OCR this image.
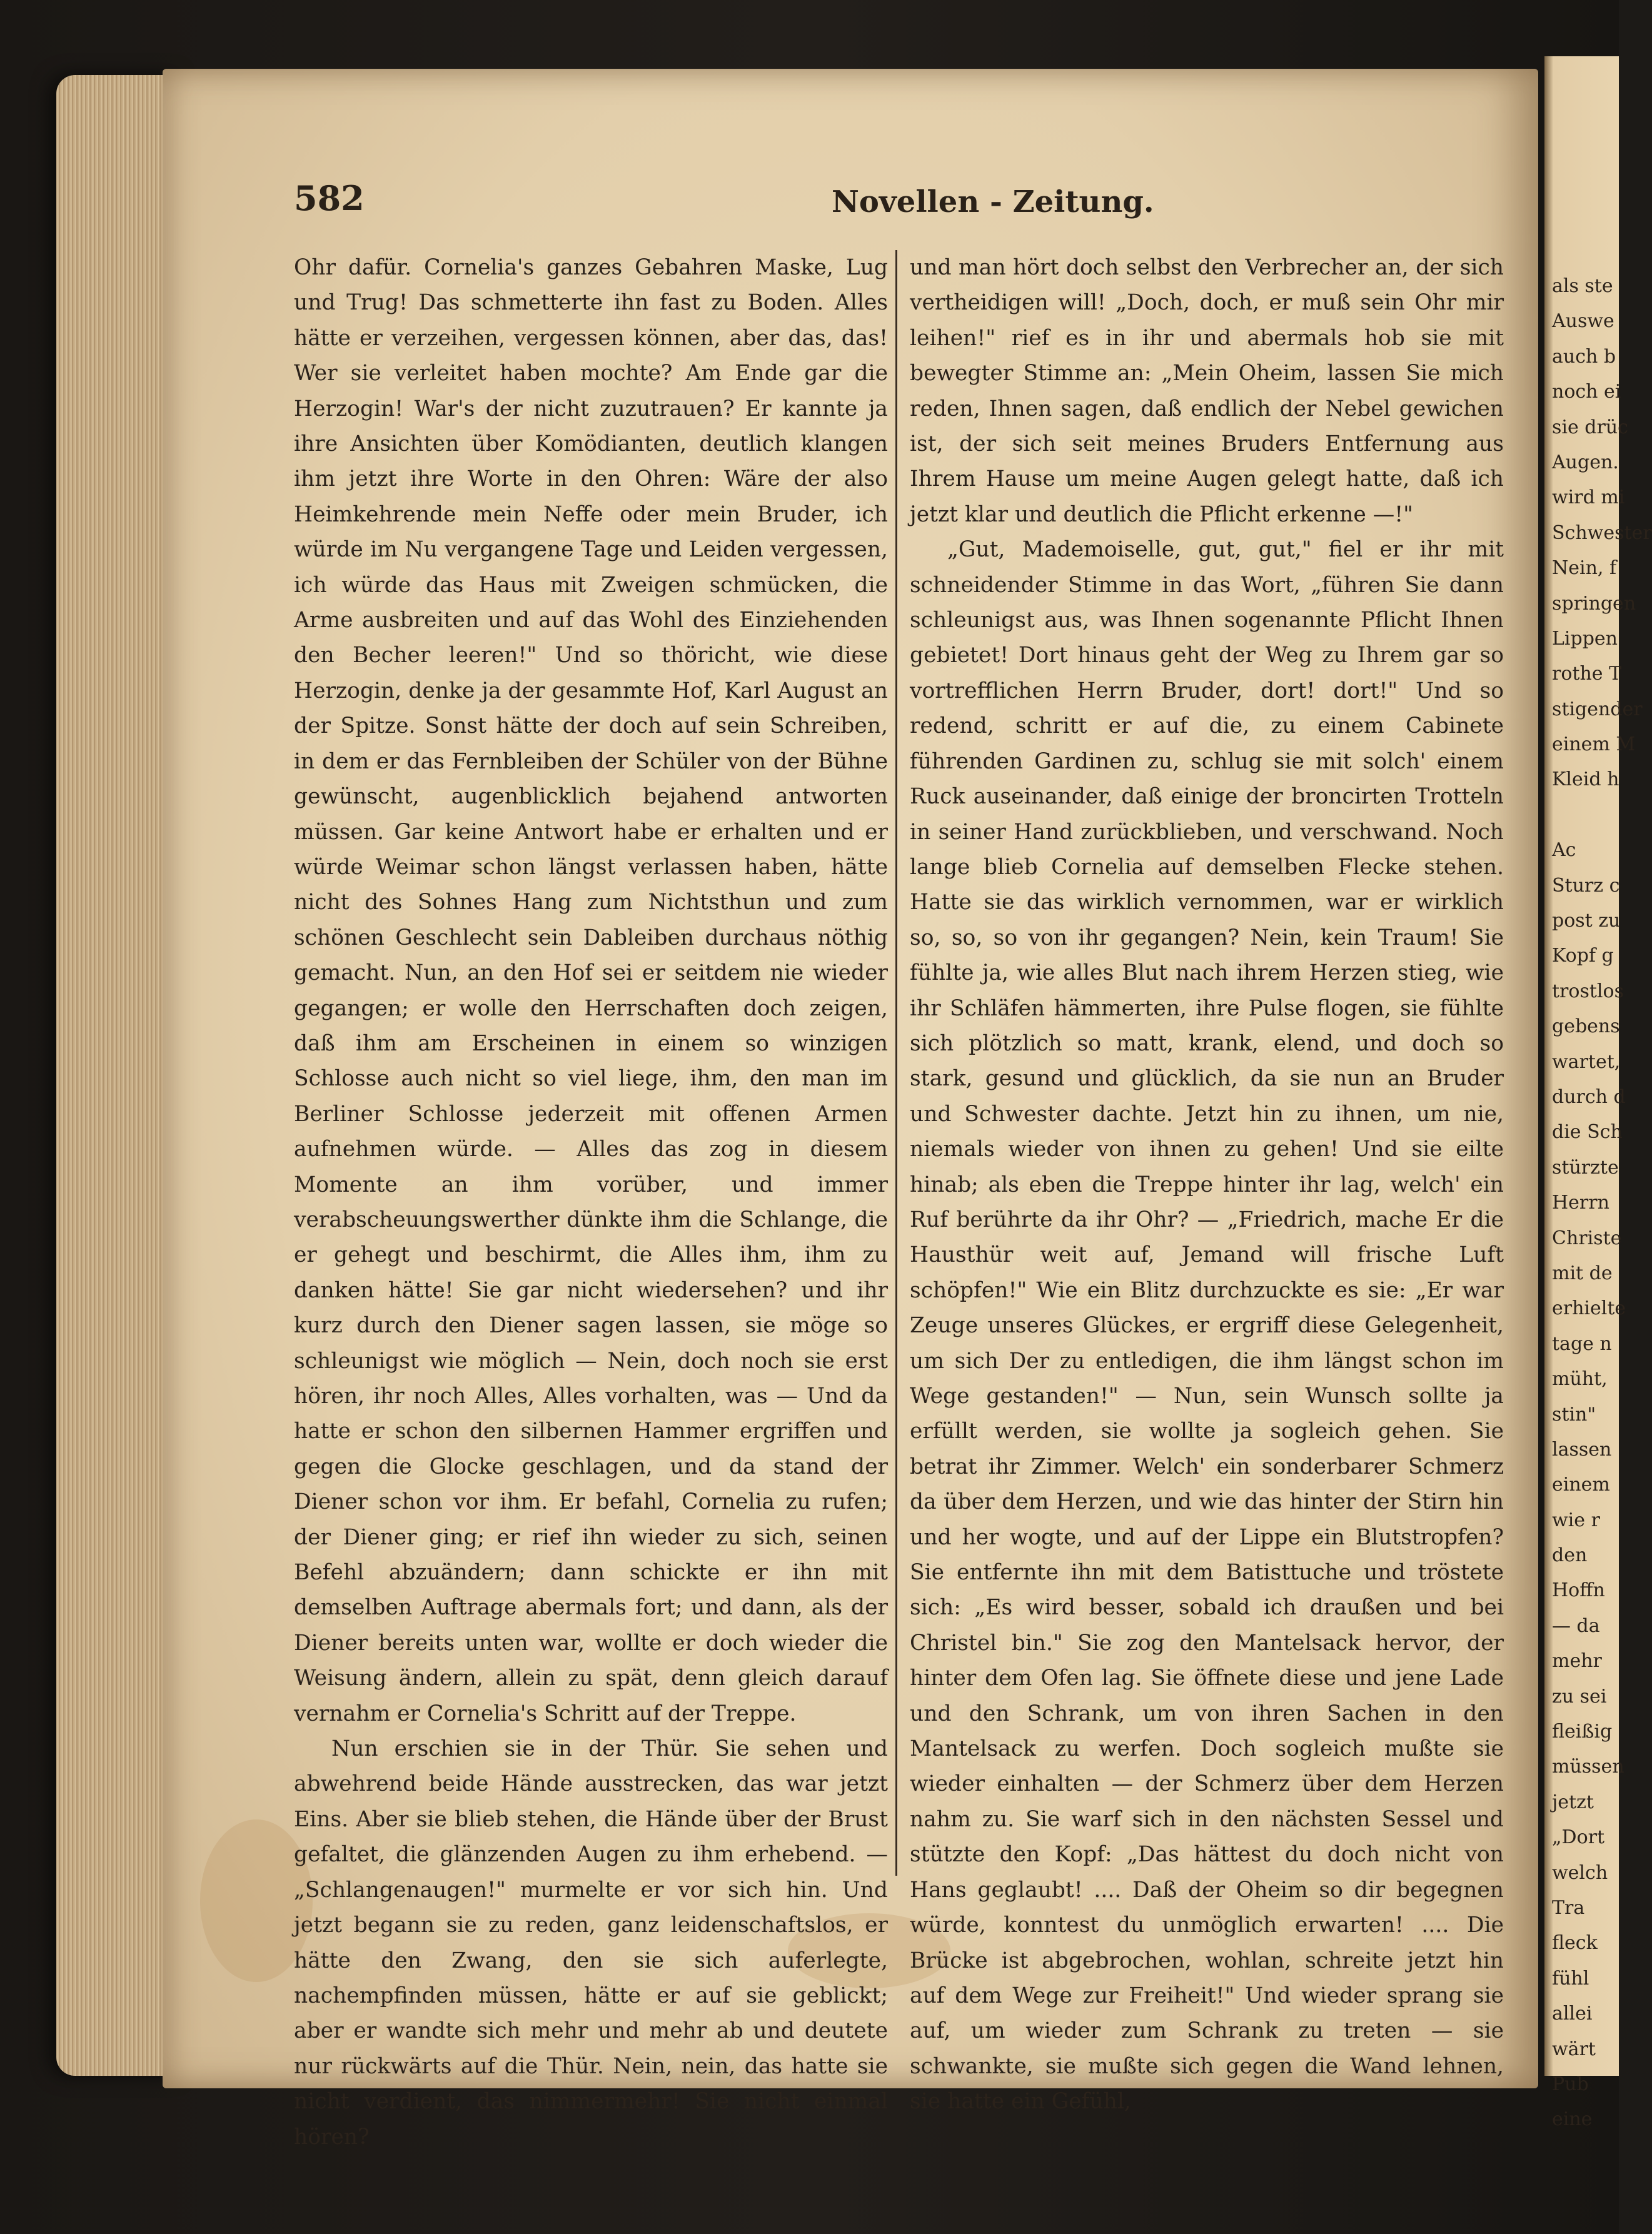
582	Novellen - Zeitung.

Ohr dafür. Cornelia's ganzes Gebahren Maske, Lug und Trug! Das schmetterte ihn fast zu Boden. Alles hätte er verzeihen, vergessen können, aber das, das! Wer sie verleitet haben mochte? Am Ende gar die Herzogin! War's der nicht zuzutrauen? Er kannte ja ihre Ansichten über Komödianten, deutlich klangen ihm jetzt ihre Worte in den Ohren: Wäre der also Heimkehrende mein Neffe oder mein Bruder, ich würde im Nu vergangene Tage und Leiden vergessen, ich würde das Haus mit Zweigen schmücken, die Arme ausbreiten und auf das Wohl des Einziehenden den Becher leeren!" Und so thöricht, wie diese Herzogin, denke ja der gesammte Hof, Karl August an der Spitze. Sonst hätte der doch auf sein Schreiben, in dem er das Fernbleiben der Schüler von der Bühne gewünscht, augenblicklich bejahend antworten müssen. Gar keine Antwort habe er erhalten und er würde Weimar schon längst verlassen haben, hätte nicht des Sohnes Hang zum Nichtsthun und zum schönen Geschlecht sein Dableiben durchaus nöthig gemacht. Nun, an den Hof sei er seitdem nie wieder gegangen; er wolle den Herrschaften doch zeigen, daß ihm am Erscheinen in einem so winzigen Schlosse auch nicht so viel liege, ihm, den man im Berliner Schlosse jederzeit mit offenen Armen aufnehmen würde. — Alles das zog in diesem Momente an ihm vorüber, und immer verabscheuungswerther dünkte ihm die Schlange, die er gehegt und beschirmt, die Alles ihm, ihm zu danken hätte! Sie gar nicht wiedersehen? und ihr kurz durch den Diener sagen lassen, sie möge so schleunigst wie möglich — Nein, doch noch sie erst hören, ihr noch Alles, Alles vorhalten, was — Und da hatte er schon den silbernen Hammer ergriffen und gegen die Glocke geschlagen, und da stand der Diener schon vor ihm. Er befahl, Cornelia zu rufen; der Diener ging; er rief ihn wieder zu sich, seinen Befehl abzuändern; dann schickte er ihn mit demselben Auftrage abermals fort; und dann, als der Diener bereits unten war, wollte er doch wieder die Weisung ändern, allein zu spät, denn gleich darauf vernahm er Cornelia's Schritt auf der Treppe.

Nun erschien sie in der Thür. Sie sehen und abwehrend beide Hände ausstrecken, das war jetzt Eins. Aber sie blieb stehen, die Hände über der Brust gefaltet, die glänzenden Augen zu ihm erhebend. — „Schlangenaugen!" murmelte er vor sich hin. Und jetzt begann sie zu reden, ganz leidenschaftslos, er hätte den Zwang, den sie sich auferlegte, nachempfinden müssen, hätte er auf sie geblickt; aber er wandte sich mehr und mehr ab und deutete nur rückwärts auf die Thür. Nein, nein, das hatte sie nicht verdient, das nimmermehr! Sie nicht einmal hören?

und man hört doch selbst den Verbrecher an, der sich vertheidigen will! „Doch, doch, er muß sein Ohr mir leihen!" rief es in ihr und abermals hob sie mit bewegter Stimme an: „Mein Oheim, lassen Sie mich reden, Ihnen sagen, daß endlich der Nebel gewichen ist, der sich seit meines Bruders Entfernung aus Ihrem Hause um meine Augen gelegt hatte, daß ich jetzt klar und deutlich die Pflicht erkenne —!"

„Gut, Mademoiselle, gut, gut," fiel er ihr mit schneidender Stimme in das Wort, „führen Sie dann schleunigst aus, was Ihnen sogenannte Pflicht Ihnen gebietet! Dort hinaus geht der Weg zu Ihrem gar so vortrefflichen Herrn Bruder, dort! dort!" Und so redend, schritt er auf die, zu einem Cabinete führenden Gardinen zu, schlug sie mit solch' einem Ruck auseinander, daß einige der broncirten Trotteln in seiner Hand zurückblieben, und verschwand. Noch lange blieb Cornelia auf demselben Flecke stehen. Hatte sie das wirklich vernommen, war er wirklich so, so, so von ihr gegangen? Nein, kein Traum! Sie fühlte ja, wie alles Blut nach ihrem Herzen stieg, wie ihr Schläfen hämmerten, ihre Pulse flogen, sie fühlte sich plötzlich so matt, krank, elend, und doch so stark, gesund und glücklich, da sie nun an Bruder und Schwester dachte. Jetzt hin zu ihnen, um nie, niemals wieder von ihnen zu gehen! Und sie eilte hinab; als eben die Treppe hinter ihr lag, welch' ein Ruf berührte da ihr Ohr? — „Friedrich, mache Er die Hausthür weit auf, Jemand will frische Luft schöpfen!" Wie ein Blitz durchzuckte es sie: „Er war Zeuge unseres Glückes, er ergriff diese Gelegenheit, um sich Der zu entledigen, die ihm längst schon im Wege gestanden!" — Nun, sein Wunsch sollte ja erfüllt werden, sie wollte ja sogleich gehen. Sie betrat ihr Zimmer. Welch' ein sonderbarer Schmerz da über dem Herzen, und wie das hinter der Stirn hin und her wogte, und auf der Lippe ein Blutstropfen? Sie entfernte ihn mit dem Batisttuche und tröstete sich: „Es wird besser, sobald ich draußen und bei Christel bin." Sie zog den Mantelsack hervor, der hinter dem Ofen lag. Sie öffnete diese und jene Lade und den Schrank, um von ihren Sachen in den Mantelsack zu werfen. Doch sogleich mußte sie wieder einhalten — der Schmerz über dem Herzen nahm zu. Sie warf sich in den nächsten Sessel und stützte den Kopf: „Das hättest du doch nicht von Hans geglaubt! .... Daß der Oheim so dir begegnen würde, konntest du unmöglich erwarten! .... Die Brücke ist abgebrochen, wohlan, schreite jetzt hin auf dem Wege zur Freiheit!" Und wieder sprang sie auf, um wieder zum Schrank zu treten — sie schwankte, sie mußte sich gegen die Wand lehnen, sie hatte ein Gefühl,

als ste
Auswe
auch b
noch ei
sie drüc
Augen.
wird mi
Schwester
Nein, f
springen
Lippen
rothe T
stigender
einem M
Kleid h
Ac
Sturz c
post zu
Kopf g
trostlos
gebens
wartet,
durch d
die Sch
stürzte
Herrn
Christe
mit de
erhielte
tage n
müht,
stin"
lassen
einem
wie r
den
Hoffn
— da
mehr
zu sei
fleißig
müssen
jetzt
„Dort
welch
Tra
fleck
fühl
allei
wärt
Pub
eine
